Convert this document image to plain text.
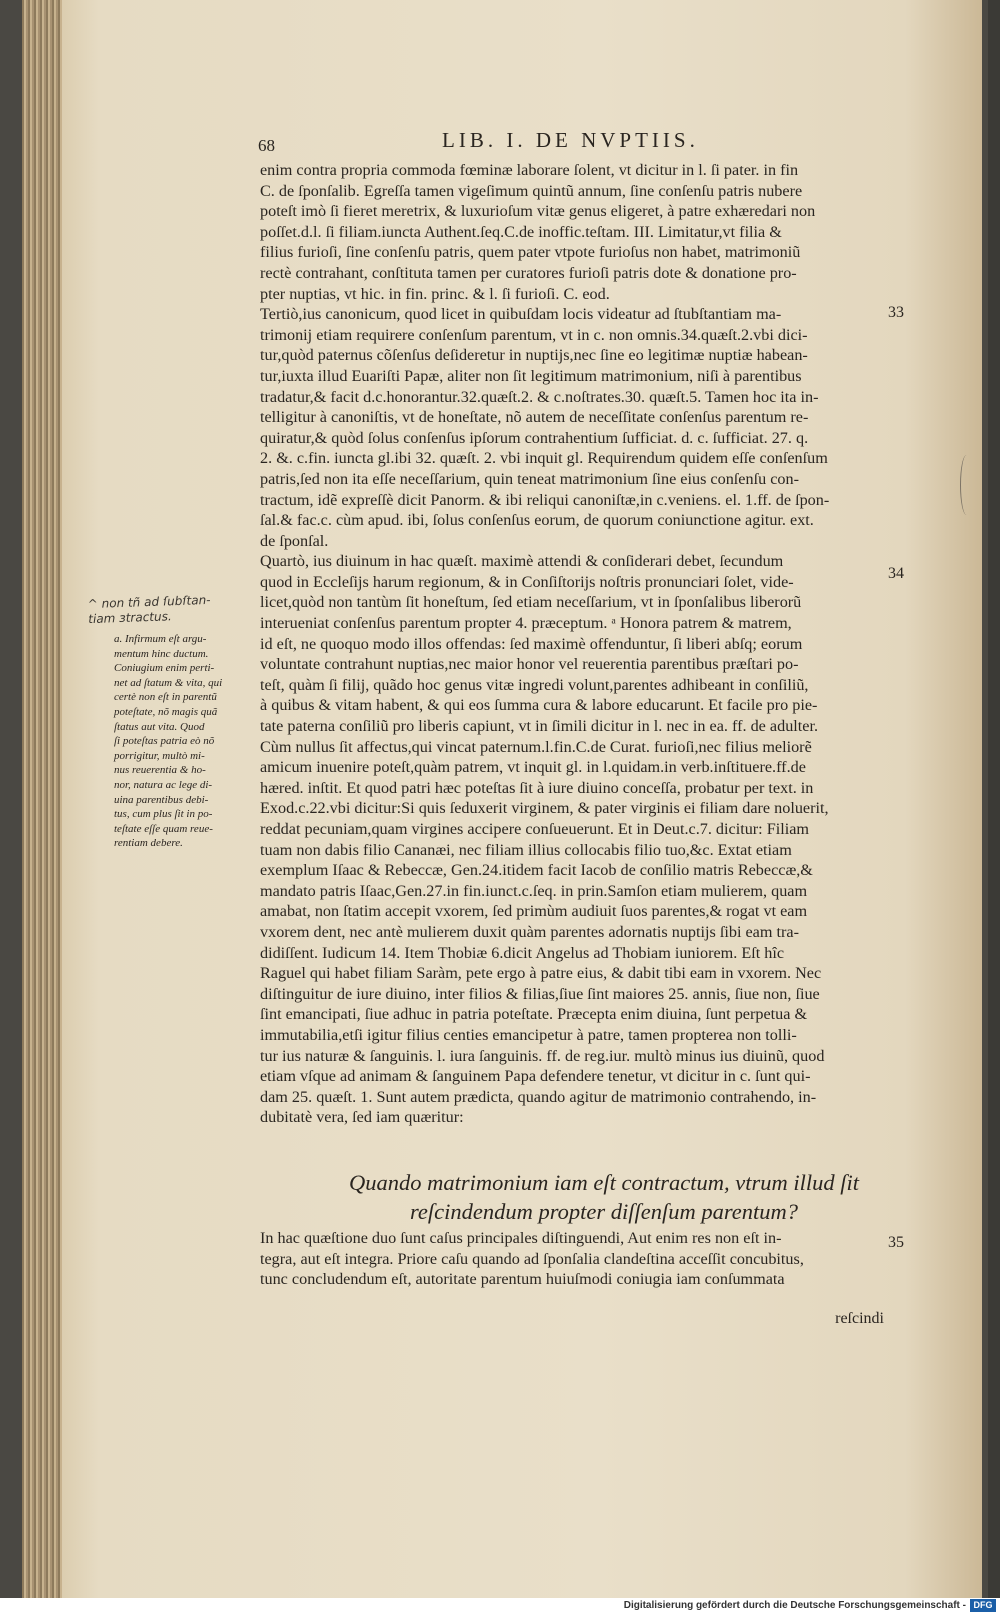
68	LIB. I. DE NVPTIIS.
enim contra propria commoda fœminæ laborare ſolent, vt dicitur in l. ſi pater. in fin
C. de ſponſalib. Egreſſa tamen vigeſimum quintũ annum, ſine conſenſu patris nubere
poteſt imò ſi fieret meretrix, & luxurioſum vitæ genus eligeret, à patre exhæredari non
poſſet.d.l. ſi filiam.iuncta Authent.ſeq.C.de inoffic.teſtam. III. Limitatur,vt filia &
filius furioſi, ſine conſenſu patris, quem pater vtpote furioſus non habet, matrimoniũ
rectè contrahant, conſtituta tamen per curatores furioſi patris dote & donatione pro-
pter nuptias, vt hic. in fin. princ. & l. ſi furioſi. C. eod.
Tertiò,ius canonicum, quod licet in quibuſdam locis videatur ad ſtubſtantiam ma-
trimonij etiam requirere conſenſum parentum, vt in c. non omnis.34.quæſt.2.vbi dici-
tur,quòd paternus cõſenſus deſideretur in nuptijs,nec ſine eo legitimæ nuptiæ habean-
tur,iuxta illud Euariſti Papæ, aliter non ſit legitimum matrimonium, niſi à parentibus
tradatur,& facit d.c.honorantur.32.quæſt.2. & c.noſtrates.30. quæſt.5. Tamen hoc ita in-
telligitur à canoniſtis, vt de honeſtate, nõ autem de neceſſitate conſenſus parentum re-
quiratur,& quòd ſolus conſenſus ipſorum contrahentium ſufficiat. d. c. ſufficiat. 27. q.
2. &. c.fin. iuncta gl.ibi 32. quæſt. 2. vbi inquit gl. Requirendum quidem eſſe conſenſum
patris,ſed non ita eſſe neceſſarium, quin teneat matrimonium ſine eius conſenſu con-
tractum, idẽ expreſſè dicit Panorm. & ibi reliqui canoniſtæ,in c.veniens. el. 1.ff. de ſpon-
ſal.& fac.c. cùm apud. ibi, ſolus conſenſus eorum, de quorum coniunctione agitur. ext.
de ſponſal.
Quartò, ius diuinum in hac quæſt. maximè attendi & conſiderari debet, ſecundum
quod in Eccleſijs harum regionum, & in Conſiſtorijs noſtris pronunciari ſolet, vide-
licet,quòd non tantùm ſit honeſtum, ſed etiam neceſſarium, vt in ſponſalibus liberorũ
interueniat conſenſus parentum propter 4. præceptum. ᵃ Honora patrem & matrem,
id eſt, ne quoquo modo illos offendas: ſed maximè offenduntur, ſi liberi abſq; eorum
voluntate contrahunt nuptias,nec maior honor vel reuerentia parentibus præſtari po-
teſt, quàm ſi filij, quãdo hoc genus vitæ ingredi volunt,parentes adhibeant in conſiliũ,
à quibus & vitam habent, & qui eos ſumma cura & labore educarunt. Et facile pro pie-
tate paterna conſiliũ pro liberis capiunt, vt in ſimili dicitur in l. nec in ea. ff. de adulter.
Cùm nullus ſit affectus,qui vincat paternum.l.fin.C.de Curat. furioſi,nec filius meliorẽ
amicum inuenire poteſt,quàm patrem, vt inquit gl. in l.quidam.in verb.inſtituere.ff.de
hæred. inſtit. Et quod patri hæc poteſtas ſit à iure diuino conceſſa, probatur per text. in
Exod.c.22.vbi dicitur:Si quis ſeduxerit virginem, & pater virginis ei filiam dare noluerit,
reddat pecuniam,quam virgines accipere conſueuerunt. Et in Deut.c.7. dicitur: Filiam
tuam non dabis filio Cananæi, nec filiam illius collocabis filio tuo,&c. Extat etiam
exemplum Iſaac & Rebeccæ, Gen.24.itidem facit Iacob de conſilio matris Rebeccæ,&
mandato patris Iſaac,Gen.27.in fin.iunct.c.ſeq. in prin.Samſon etiam mulierem, quam
amabat, non ſtatim accepit vxorem, ſed primùm audiuit ſuos parentes,& rogat vt eam
vxorem dent, nec antè mulierem duxit quàm parentes adornatis nuptijs ſibi eam tra-
didiſſent. Iudicum 14. Item Thobiæ 6.dicit Angelus ad Thobiam iuniorem. Eſt hîc
Raguel qui habet filiam Saràm, pete ergo à patre eius, & dabit tibi eam in vxorem. Nec
diſtinguitur de iure diuino, inter filios & filias,ſiue ſint maiores 25. annis, ſiue non, ſiue
ſint emancipati, ſiue adhuc in patria poteſtate. Præcepta enim diuina, ſunt perpetua &
immutabilia,etſi igitur filius centies emancipetur à patre, tamen propterea non tolli-
tur ius naturæ & ſanguinis. l. iura ſanguinis. ff. de reg.iur. multò minus ius diuinũ, quod
etiam vſque ad animam & ſanguinem Papa defendere tenetur, vt dicitur in c. ſunt qui-
dam 25. quæſt. 1. Sunt autem prædicta, quando agitur de matrimonio contrahendo, in-
dubitatè vera, ſed iam quæritur:
Quando matrimonium iam eſt contractum, vtrum illud ſit
reſcindendum propter diſſenſum parentum?
In hac quæſtione duo ſunt caſus principales diſtinguendi, Aut enim res non eſt in-
tegra, aut eſt integra. Priore caſu quando ad ſponſalia clandeſtina acceſſit concubitus,
tunc concludendum eſt, autoritate parentum huiuſmodi coniugia iam conſummata
reſcindi
33
34
35
^ non tñ ad ſubſtan-
tiam ɜtractus.
a. Infirmum eſt argu-
mentum hinc ductum.
Coniugium enim perti-
net ad ſtatum & vita, qui
certè non eſt in parentũ
poteſtate, nõ magis quã
ſtatus aut vita. Quod
ſi poteſtas patria eò nõ
porrigitur, multò mi-
nus reuerentia & ho-
nor, natura ac lege di-
uina parentibus debi-
tus, cum plus ſit in po-
teſtate eſſe quam reue-
rentiam debere.
Digitalisierung gefördert durch die Deutsche Forschungsgemeinschaft - DFG
